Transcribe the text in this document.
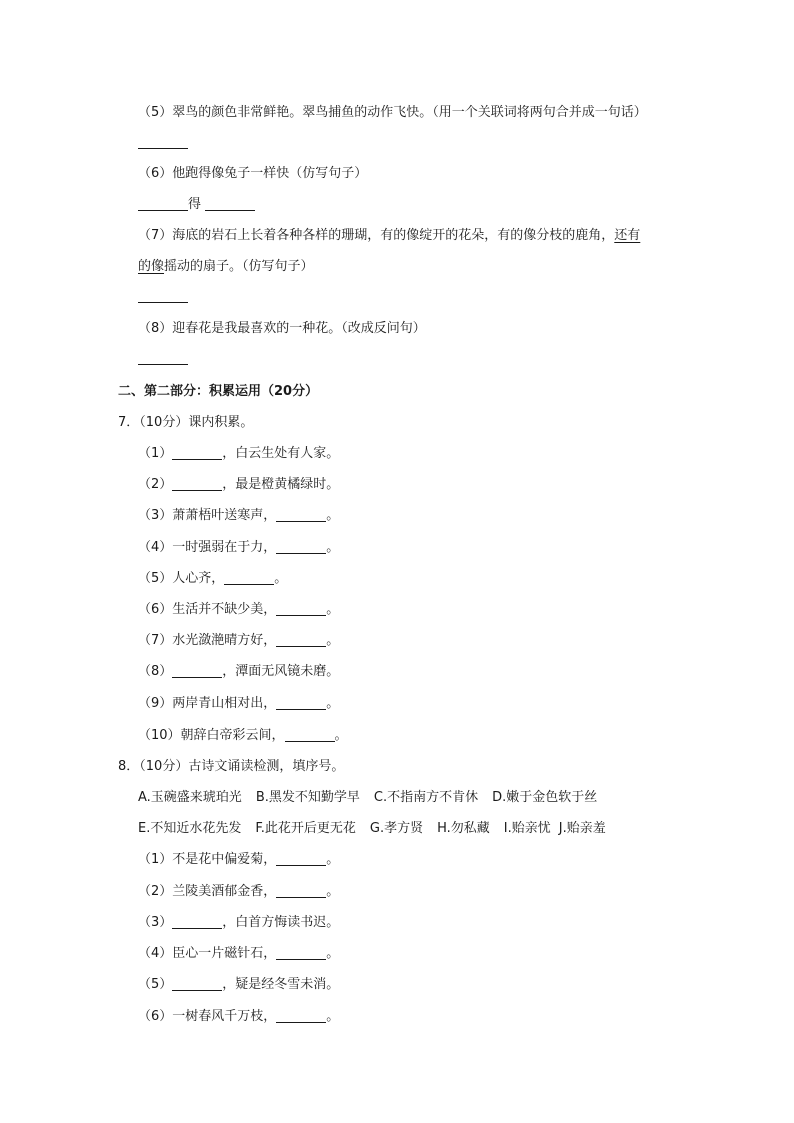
（5）翠鸟的颜色非常鲜艳。翠鸟捕鱼的动作飞快。（用一个关联词将两句合并成一句话）
（6）他跑得像兔子一样快（仿写句子）
得
（7）海底的岩石上长着各种各样的珊瑚，有的像绽开的花朵，有的像分枝的鹿角，还有
的像摇动的扇子。（仿写句子）
（8）迎春花是我最喜欢的一种花。（改成反问句）
二、第二部分：积累运用（20分）
7．（10分）课内积累。
（1）	，白云生处有人家。
（2）	，最是橙黄橘绿时。
（3）萧萧梧叶送寒声，	。
（4）一时强弱在于力，	。
（5）人心齐，	。
（6）生活并不缺少美，	。
（7）水光潋滟晴方好，	。
（8）	，潭面无风镜未磨。
（9）两岸青山相对出，	。
（10）朝辞白帝彩云间，	。
8．（10分）古诗文诵读检测，填序号。
A.玉碗盛来琥珀光 B.黑发不知勤学早 C.不指南方不肯休 D.嫩于金色软于丝
E.不知近水花先发 F.此花开后更无花 G.孝方贤 H.勿私藏 I.贻亲忧 J.贻亲羞
（1）不是花中偏爱菊，	。
（2）兰陵美酒郁金香，	。
（3）	，白首方悔读书迟。
（4）臣心一片磁针石，	。
（5）	，疑是经冬雪未消。
（6）一树春风千万枝，	。
